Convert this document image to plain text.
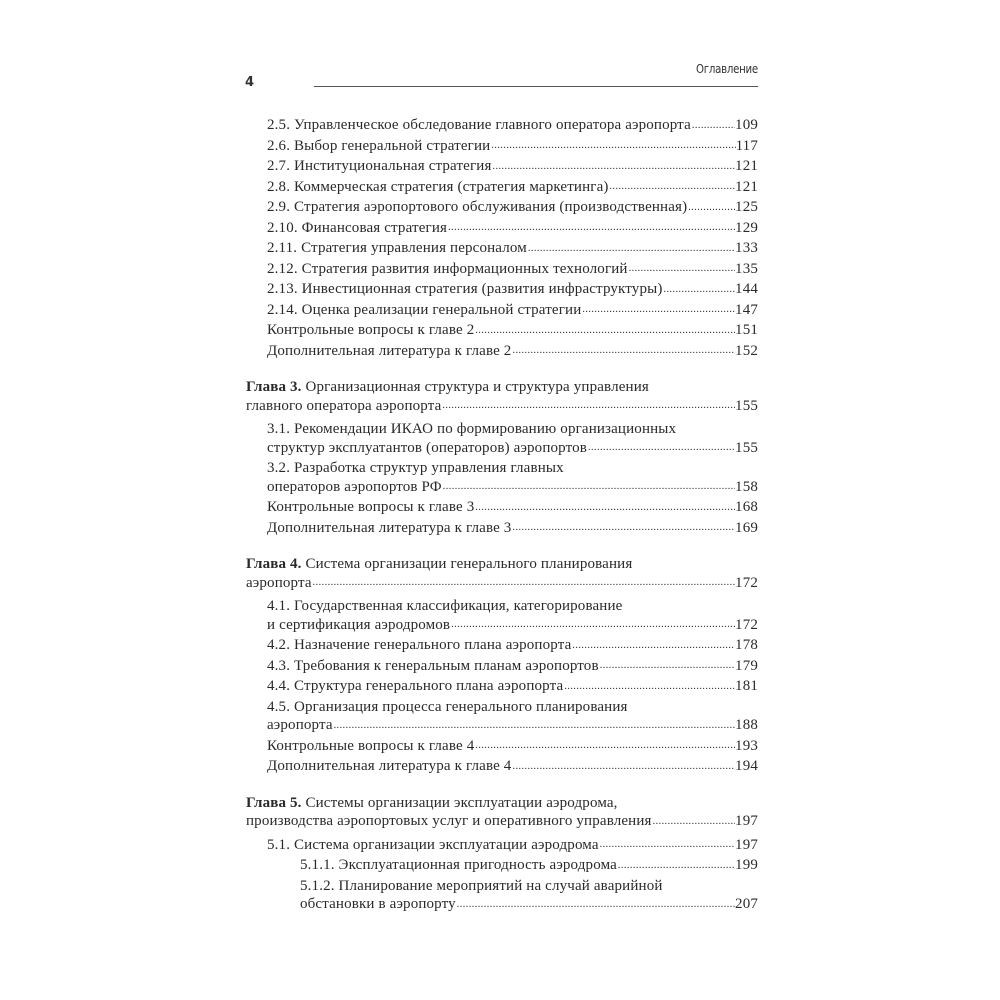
4
Оглавление
2.5. Управленческое обследование главного оператора аэропорта .....	109
2.6. Выбор генеральной стратегии .....	117
2.7. Институциональная стратегия .....	121
2.8. Коммерческая стратегия (стратегия маркетинга) .....	121
2.9. Стратегия аэропортового обслуживания (производственная) .....	125
2.10. Финансовая стратегия .....	129
2.11. Стратегия управления персоналом .....	133
2.12. Стратегия развития информационных технологий .....	135
2.13. Инвестиционная стратегия (развития инфраструктуры) .....	144
2.14. Оценка реализации генеральной стратегии .....	147
Контрольные вопросы к главе 2 .....	151
Дополнительная литература к главе 2 .....	152
Глава 3. Организационная структура и структура управления
главного оператора аэропорта .....	155
3.1. Рекомендации ИКАО по формированию организационных
структур эксплуатантов (операторов) аэропортов .....	155
3.2. Разработка структур управления главных
операторов аэропортов РФ .....	158
Контрольные вопросы к главе 3 .....	168
Дополнительная литература к главе 3 .....	169
Глава 4. Система организации генерального планирования
аэропорта .....	172
4.1. Государственная классификация, категорирование
и сертификация аэродромов .....	172
4.2. Назначение генерального плана аэропорта .....	178
4.3. Требования к генеральным планам аэропортов .....	179
4.4. Структура генерального плана аэропорта .....	181
4.5. Организация процесса генерального планирования
аэропорта .....	188
Контрольные вопросы к главе 4 .....	193
Дополнительная литература к главе 4 .....	194
Глава 5. Системы организации эксплуатации аэродрома,
производства аэропортовых услуг и оперативного управления .....	197
5.1. Система организации эксплуатации аэродрома .....	197
5.1.1. Эксплуатационная пригодность аэродрома .....	199
5.1.2. Планирование мероприятий на случай аварийной
обстановки в аэропорту .....	207
